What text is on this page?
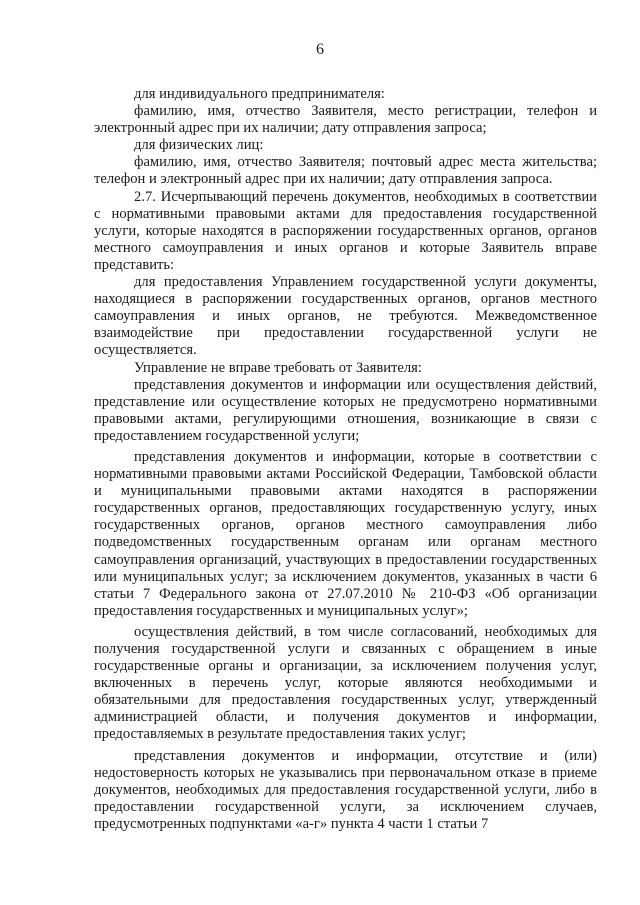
6

для индивидуального предпринимателя:

фамилию, имя, отчество Заявителя, место регистрации, телефон и электронный адрес при их наличии; дату отправления запроса;

для физических лиц:

фамилию, имя, отчество Заявителя; почтовый адрес места жительства; телефон и электронный адрес при их наличии; дату отправления запроса.

2.7. Исчерпывающий перечень документов, необходимых в соответствии с нормативными правовыми актами для предоставления государственной услуги, которые находятся в распоряжении государственных органов, органов местного самоуправления и иных органов и которые Заявитель вправе представить:

для предоставления Управлением государственной услуги документы, находящиеся в распоряжении государственных органов, органов местного самоуправления и иных органов, не требуются. Межведомственное взаимодействие при предоставлении государственной услуги не осуществляется.

Управление не вправе требовать от Заявителя:

представления документов и информации или осуществления действий, представление или осуществление которых не предусмотрено нормативными правовыми актами, регулирующими отношения, возникающие в связи с предоставлением государственной услуги;

представления документов и информации, которые в соответствии с нормативными правовыми актами Российской Федерации, Тамбовской области и муниципальными правовыми актами находятся в распоряжении государственных органов, предоставляющих государственную услугу, иных государственных органов, органов местного самоуправления либо подведомственных государственным органам или органам местного самоуправления организаций, участвующих в предоставлении государственных или муниципальных услуг; за исключением документов, указанных в части 6 статьи 7 Федерального закона от 27.07.2010 № 210-ФЗ «Об организации предоставления государственных и муниципальных услуг»;

осуществления действий, в том числе согласований, необходимых для получения государственной услуги и связанных с обращением в иные государственные органы и организации, за исключением получения услуг, включенных в перечень услуг, которые являются необходимыми и обязательными для предоставления государственных услуг, утвержденный администрацией области, и получения документов и информации, предоставляемых в результате предоставления таких услуг;

представления документов и информации, отсутствие и (или) недостоверность которых не указывались при первоначальном отказе в приеме документов, необходимых для предоставления государственной услуги, либо в предоставлении государственной услуги, за исключением случаев, предусмотренных подпунктами «а-г» пункта 4 части 1 статьи 7
